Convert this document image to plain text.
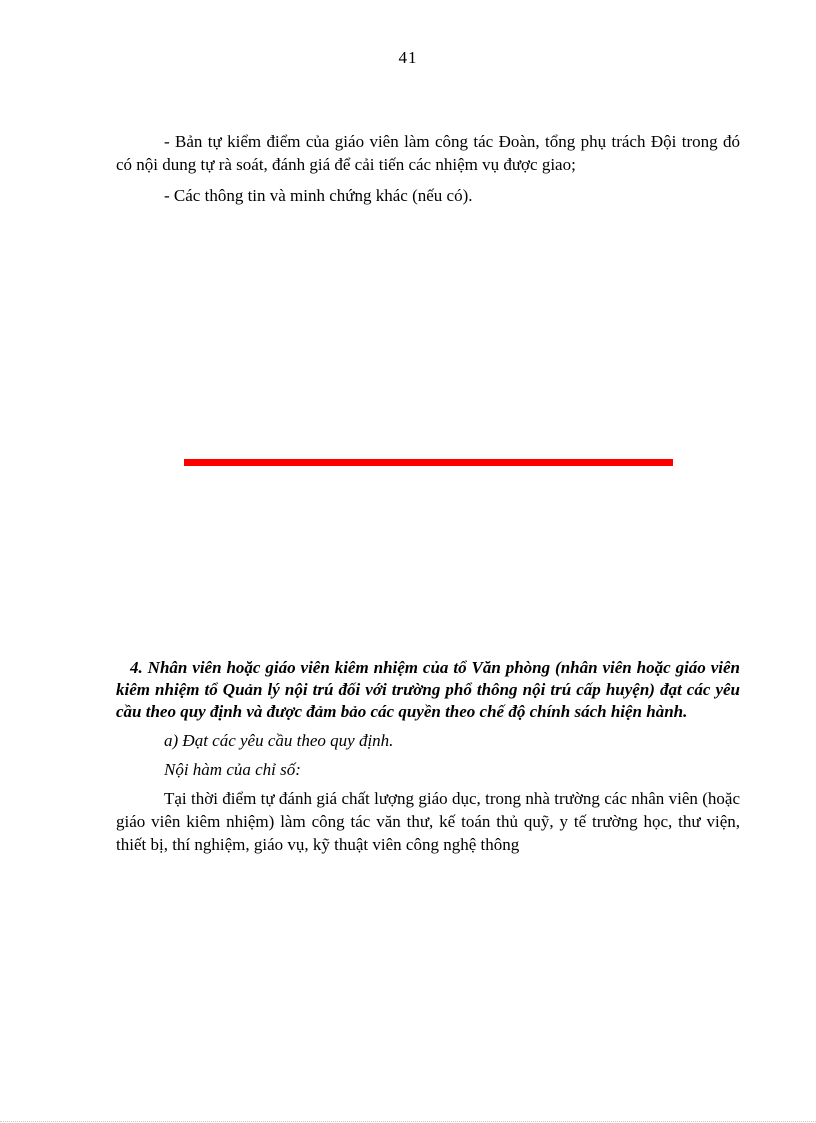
41

- Bản tự kiểm điểm của giáo viên làm công tác Đoàn, tổng phụ trách Đội trong đó có nội dung tự rà soát, đánh giá để cải tiến các nhiệm vụ được giao;

- Các thông tin và minh chứng khác (nếu có).

4. Nhân viên hoặc giáo viên kiêm nhiệm của tổ Văn phòng (nhân viên hoặc giáo viên kiêm nhiệm tổ Quản lý nội trú đối với trường phổ thông nội trú cấp huyện) đạt các yêu cầu theo quy định và được đảm bảo các quyền theo chế độ chính sách hiện hành.

a) Đạt các yêu cầu theo quy định.

Nội hàm của chỉ số:

Tại thời điểm tự đánh giá chất lượng giáo dục, trong nhà trường các nhân viên (hoặc giáo viên kiêm nhiệm) làm công tác văn thư, kế toán thủ quỹ, y tế trường học, thư viện, thiết bị, thí nghiệm, giáo vụ, kỹ thuật viên công nghệ thông
